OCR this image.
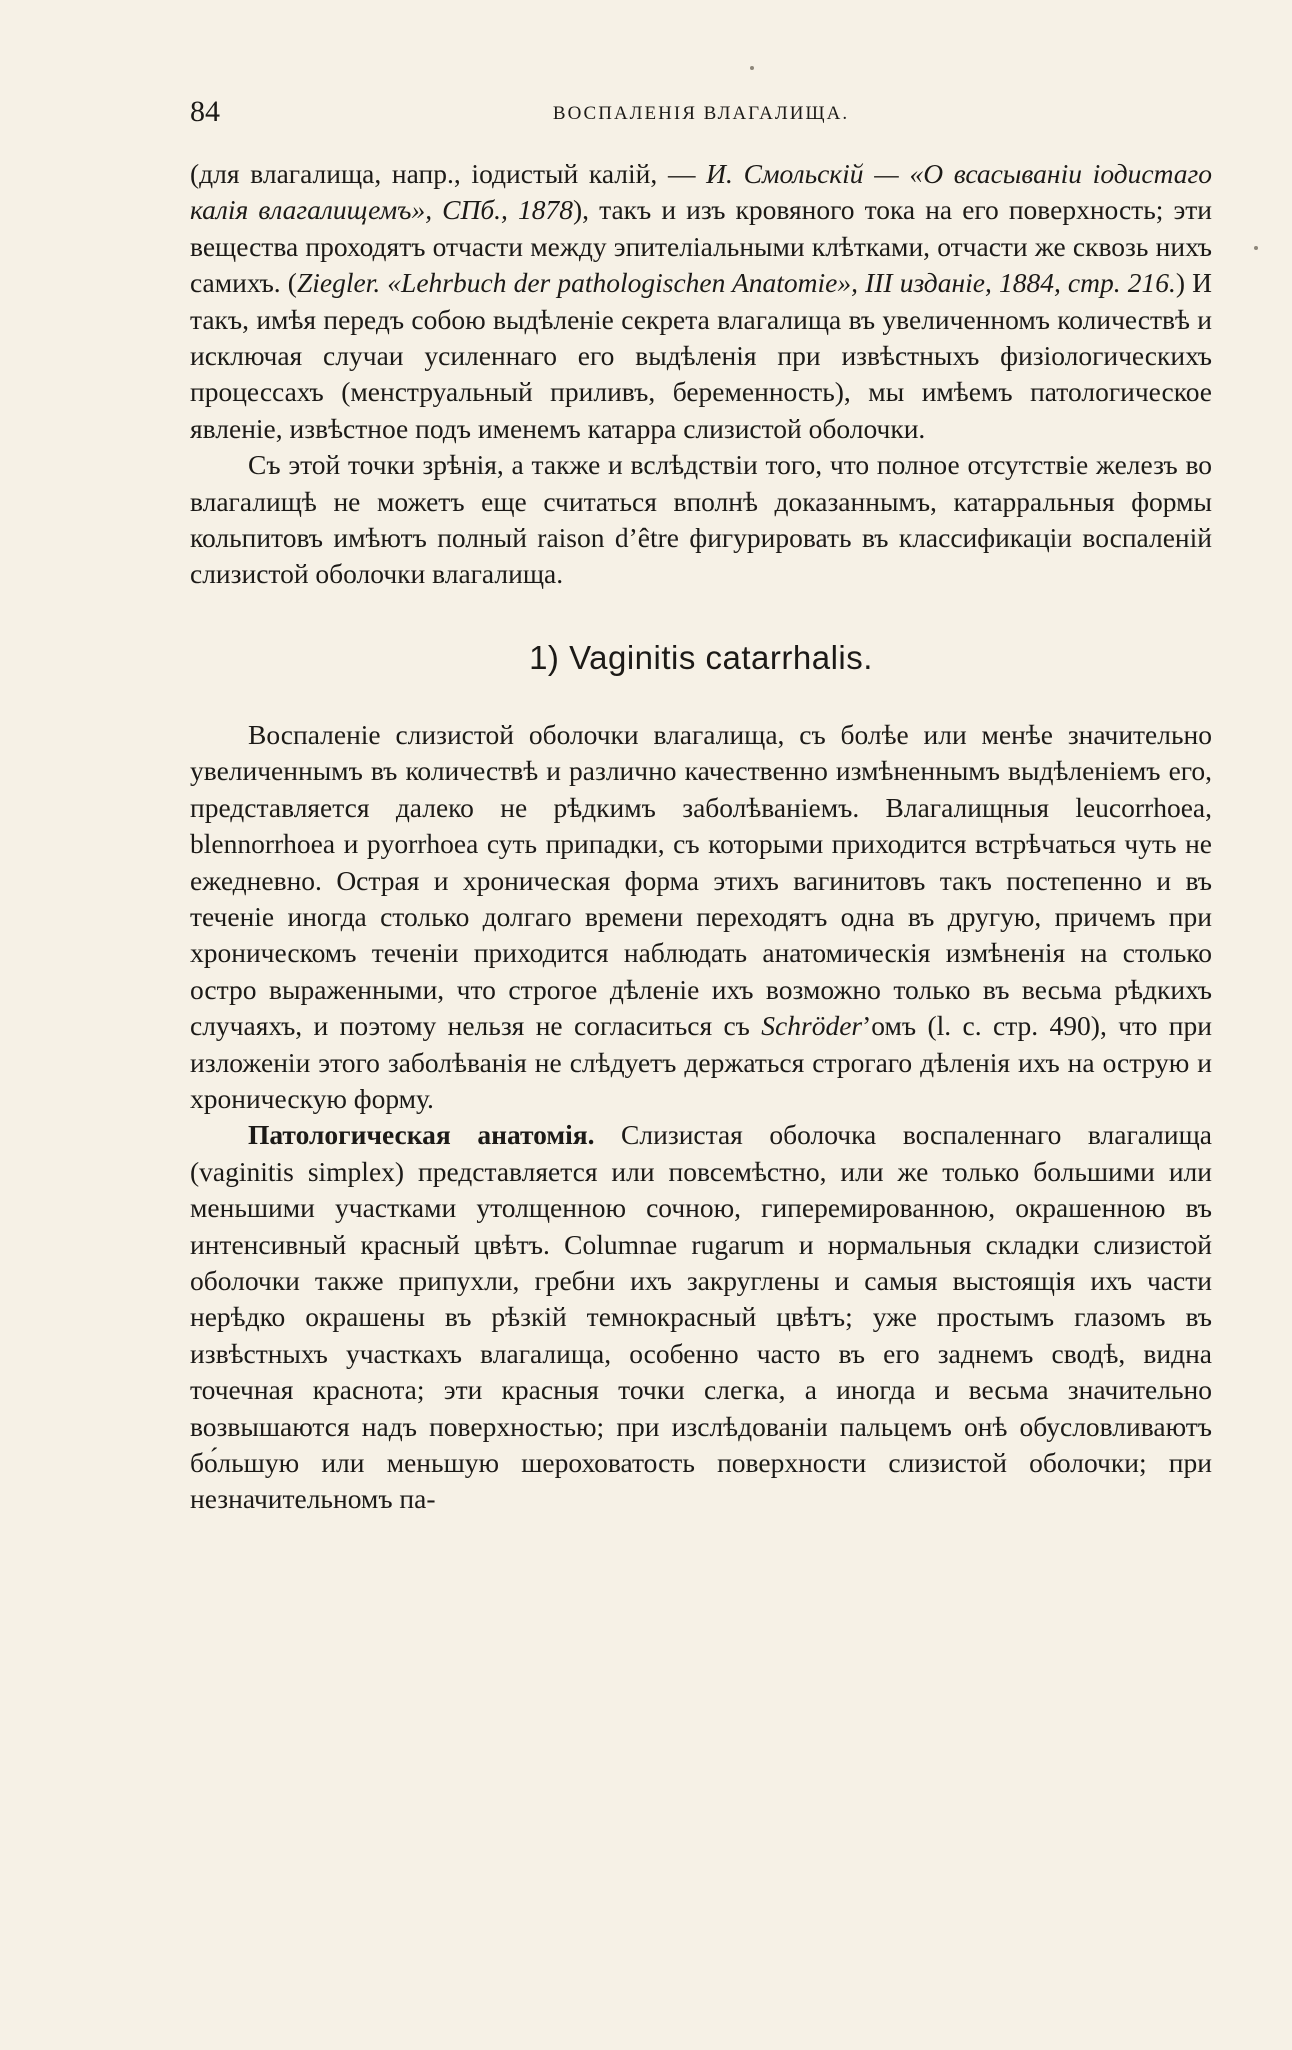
84	ВОСПАЛЕНІЯ ВЛАГАЛИЩА.

(для влагалища, напр., іодистый калій, — И. Смольскій — «О всасываніи іодистаго калія влагалищемъ», СПб., 1878), такъ и изъ кровяного тока на его поверхность; эти вещества проходятъ отчасти между эпителіальными клѣтками, отчасти же сквозь нихъ самихъ. (Ziegler. «Lehrbuch der pathologischen Anatomie», III изданіе, 1884, стр. 216.) И такъ, имѣя передъ собою выдѣленіе секрета влагалища въ увеличенномъ количествѣ и исключая случаи усиленнаго его выдѣленія при извѣстныхъ физіологическихъ процессахъ (менструальный приливъ, беременность), мы имѣемъ патологическое явленіе, извѣстное подъ именемъ катарра слизистой оболочки.

Съ этой точки зрѣнія, а также и вслѣдствіи того, что полное отсутствіе железъ во влагалищѣ не можетъ еще считаться вполнѣ доказаннымъ, катарральныя формы кольпитовъ имѣютъ полный raison d’être фигурировать въ классификаціи воспаленій слизистой оболочки влагалища.

1) Vaginitis catarrhalis.

Воспаленіе слизистой оболочки влагалища, съ болѣе или менѣе значительно увеличеннымъ въ количествѣ и различно качественно измѣненнымъ выдѣленіемъ его, представляется далеко не рѣдкимъ заболѣваніемъ. Влагалищныя leucorrhoea, blennorrhoea и pyorrhoea суть припадки, съ которыми приходится встрѣчаться чуть не ежедневно. Острая и хроническая форма этихъ вагинитовъ такъ постепенно и въ теченіе иногда столько долгаго времени переходятъ одна въ другую, причемъ при хроническомъ теченіи приходится наблюдать анатомическія измѣненія на столько остро выраженными, что строгое дѣленіе ихъ возможно только въ весьма рѣдкихъ случаяхъ, и поэтому нельзя не согласиться съ Schröder’омъ (l. c. стр. 490), что при изложеніи этого заболѣванія не слѣдуетъ держаться строгаго дѣленія ихъ на острую и хроническую форму.

Патологическая анатомія. Слизистая оболочка воспаленнаго влагалища (vaginitis simplex) представляется или повсемѣстно, или же только большими или меньшими участками утолщенною сочною, гиперемированною, окрашенною въ интенсивный красный цвѣтъ. Columnae rugarum и нормальныя складки слизистой оболочки также припухли, гребни ихъ закруглены и самыя выстоящія ихъ части нерѣдко окрашены въ рѣзкій темнокрасный цвѣтъ; уже простымъ глазомъ въ извѣстныхъ участкахъ влагалища, особенно часто въ его заднемъ сводѣ, видна точечная краснота; эти красныя точки слегка, а иногда и весьма значительно возвышаются надъ поверхностью; при изслѣдованіи пальцемъ онѣ обусловливаютъ бо́льшую или меньшую шероховатость поверхности слизистой оболочки; при незначительномъ па-
